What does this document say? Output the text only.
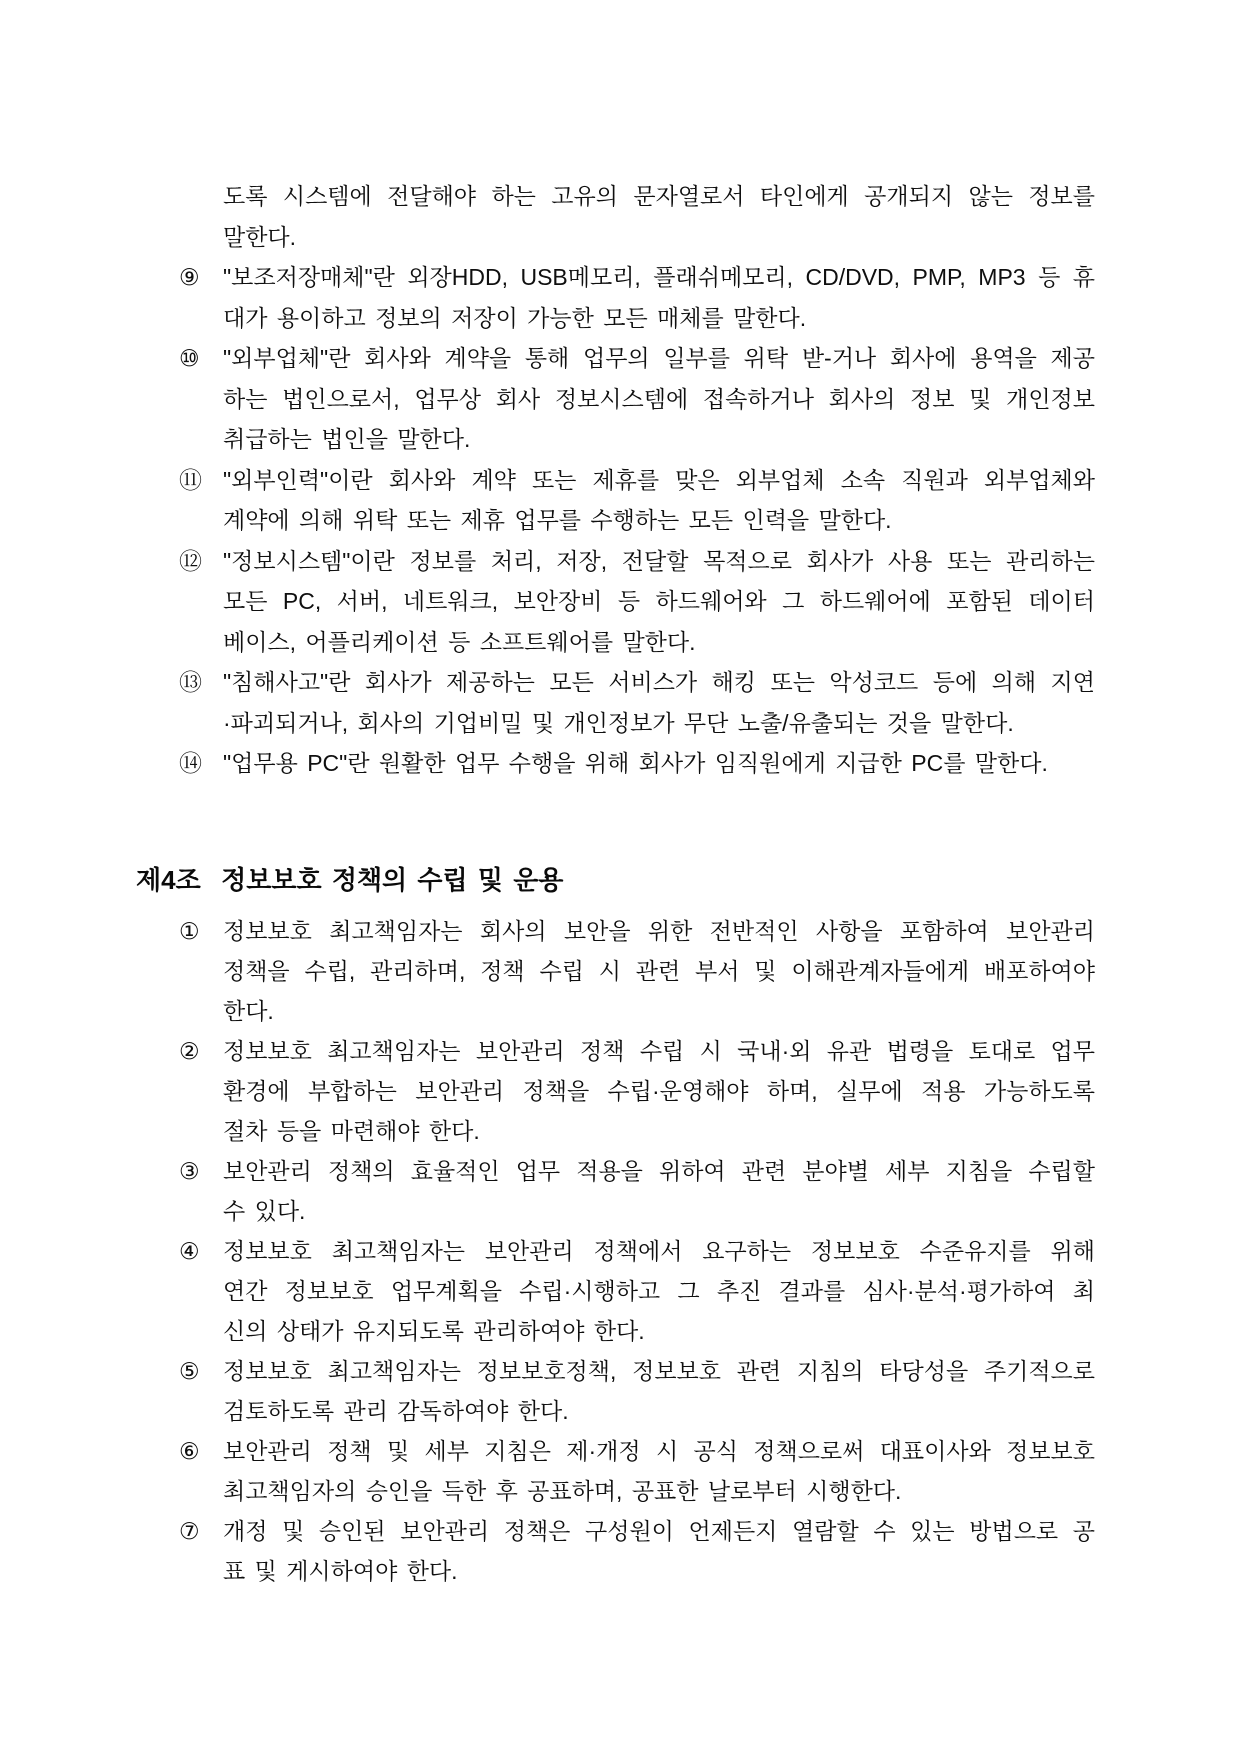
도록 시스템에 전달해야 하는 고유의 문자열로서 타인에게 공개되지 않는 정보를
말한다.
⑨	"보조저장매체"란 외장HDD, USB메모리, 플래쉬메모리, CD/DVD, PMP, MP3 등 휴
대가 용이하고 정보의 저장이 가능한 모든 매체를 말한다.
⑩	"외부업체"란 회사와 계약을 통해 업무의 일부를 위탁 받-거나 회사에 용역을 제공
하는 법인으로서, 업무상 회사 정보시스템에 접속하거나 회사의 정보 및 개인정보
취급하는 법인을 말한다.
⑪ "외부인력"이란 회사와 계약 또는 제휴를 맞은 외부업체 소속 직원과 외부업체와
계약에 의해 위탁 또는 제휴 업무를 수행하는 모든 인력을 말한다.
⑫ "정보시스템"이란 정보를 처리, 저장, 전달할 목적으로 회사가 사용 또는 관리하는
모든 PC, 서버, 네트워크, 보안장비 등 하드웨어와 그 하드웨어에 포함된 데이터
베이스, 어플리케이션 등 소프트웨어를 말한다.
⑬ "침해사고"란 회사가 제공하는 모든 서비스가 해킹 또는 악성코드 등에 의해 지연
·파괴되거나, 회사의 기업비밀 및 개인정보가 무단 노출/유출되는 것을 말한다.
⑭ "업무용 PC"란 원활한 업무 수행을 위해 회사가 임직원에게 지급한 PC를 말한다.
제4조  정보보호 정책의 수립 및 운용
①	정보보호 최고책임자는 회사의 보안을 위한 전반적인 사항을 포함하여 보안관리
정책을 수립, 관리하며, 정책 수립 시 관련 부서 및 이해관계자들에게 배포하여야
한다.
②	정보보호 최고책임자는 보안관리 정책 수립 시 국내·외 유관 법령을 토대로 업무
환경에 부합하는 보안관리 정책을 수립·운영해야 하며, 실무에 적용 가능하도록
절차 등을 마련해야 한다.
③	보안관리 정책의 효율적인 업무 적용을 위하여 관련 분야별 세부 지침을 수립할
수 있다.
④	정보보호 최고책임자는 보안관리 정책에서 요구하는 정보보호 수준유지를 위해
연간 정보보호 업무계획을 수립·시행하고 그 추진 결과를 심사·분석·평가하여 최
신의 상태가 유지되도록 관리하여야 한다.
⑤	정보보호 최고책임자는 정보보호정책, 정보보호 관련 지침의 타당성을 주기적으로
검토하도록 관리 감독하여야 한다.
⑥	보안관리 정책 및 세부 지침은 제·개정 시 공식 정책으로써 대표이사와 정보보호
최고책임자의 승인을 득한 후 공표하며, 공표한 날로부터 시행한다.
⑦	개정 및 승인된 보안관리 정책은 구성원이 언제든지 열람할 수 있는 방법으로 공
표 및 게시하여야 한다.
